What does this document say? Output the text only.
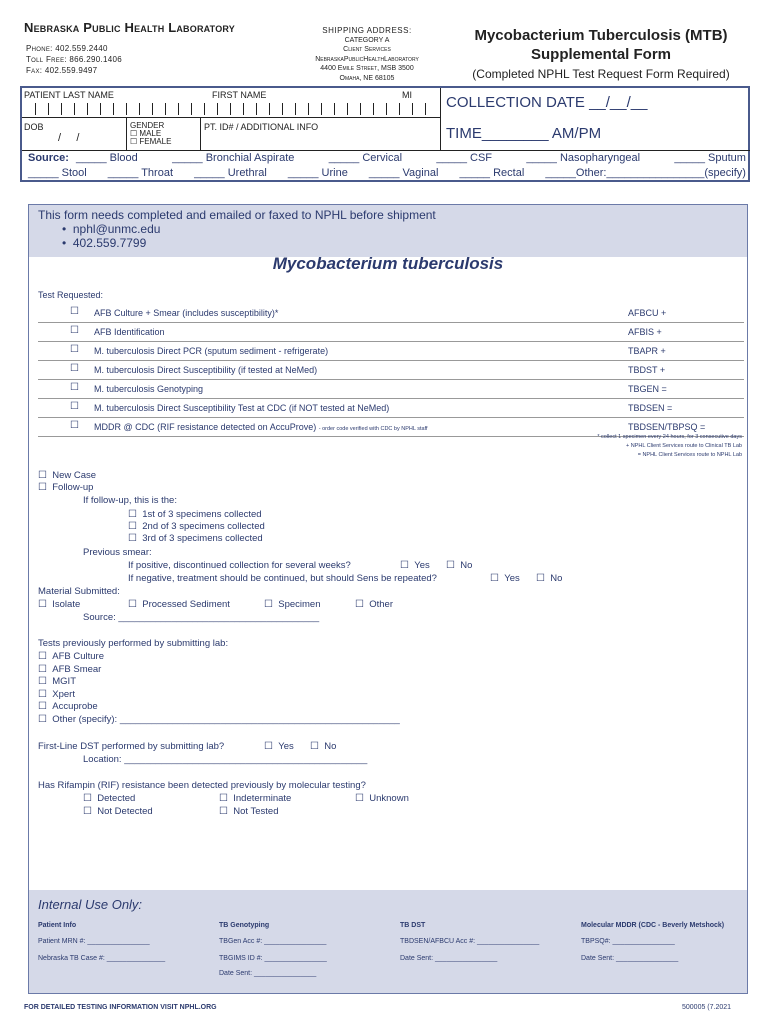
Nebraska Public Health Laboratory
Phone: 402.559.2440
Toll Free: 866.290.1406
Fax: 402.559.9497
SHIPPING ADDRESS:
CATEGORY A
Client Services
NebraskaPublicHealthLaboratory
4400 Emile Street, MSB 3500
Omaha, NE 68105
Mycobacterium Tuberculosis (MTB)
Supplemental Form
(Completed NPHL Test Request Form Required)
PATIENT LAST NAME	FIRST NAME	MI
DOB
/     /
GENDER
☐ MALE
☐ FEMALE
PT. ID# / ADDITIONAL INFO
Source: _____ Blood	_____ Bronchial Aspirate	_____ Cervical	_____ CSF	_____ Nasopharyngeal	_____ Sputum
_____ Stool _____ Throat _____ Urethral _____ Urine _____ Vaginal _____ Rectal _____Other:________________(specify)
COLLECTION DATE __/__/__
TIME________ AM/PM
This form needs completed and emailed or faxed to NPHL before shipment
•  nphl@unmc.edu
•  402.559.7799
Mycobacterium tuberculosis
Test Requested:
☐ AFB Culture + Smear (includes susceptibility)*	AFBCU +
☐ AFB Identification	AFBIS +
☐ M. tuberculosis Direct PCR (sputum sediment - refrigerate)	TBAPR +
☐ M. tuberculosis Direct Susceptibility (if tested at NeMed)	TBDST +
☐ M. tuberculosis Genotyping	TBGEN =
☐ M. tuberculosis Direct Susceptibility Test at CDC (if NOT tested at NeMed)	TBDSEN =
☐ MDDR @ CDC (RIF resistance detected on AccuProve) - order code verified with CDC by NPHL staff	TBDSEN/TBPSQ =
* collect 1 specimen every 24 hours, for 3 consecutive days
+ NPHL Client Services route to Clinical TB Lab
= NPHL Client Services route to NPHL Lab
☐ New Case
☐ Follow-up
If follow-up, this is the:
☐ 1st of 3 specimens collected
☐ 2nd of 3 specimens collected
☐ 3rd of 3 specimens collected
Previous smear:
If positive, discontinued collection for several weeks?	☐ Yes ☐ No
If negative, treatment should be continued, but should Sens be repeated?	☐ Yes ☐ No
Material Submitted:
☐ Isolate	☐ Processed Sediment	☐ Specimen	☐ Other
Source: ______________________________________
Tests previously performed by submitting lab:
☐ AFB Culture
☐ AFB Smear
☐ MGIT
☐ Xpert
☐ Accuprobe
☐ Other (specify): _____________________________________________________
First-Line DST performed by submitting lab?	☐ Yes ☐ No
Location: ______________________________________________
Has Rifampin (RIF) resistance been detected previously by molecular testing?
☐ Detected	☐ Indeterminate	☐ Unknown
☐ Not Detected	☐ Not Tested
Internal Use Only:
Patient Info
Patient MRN #: ________________
Nebraska TB Case #: _______________
TB Genotyping
TBGen Acc #: ________________
TBGIMS ID #: ________________
Date Sent: ________________
TB DST
TBDSEN/AFBCU Acc #: ________________
Date Sent: ________________
Molecular MDDR (CDC - Beverly Metshock)
TBPSQ#: ________________
Date Sent: ________________
FOR DETAILED TESTING INFORMATION VISIT NPHL.ORG	500005 (7.2021
